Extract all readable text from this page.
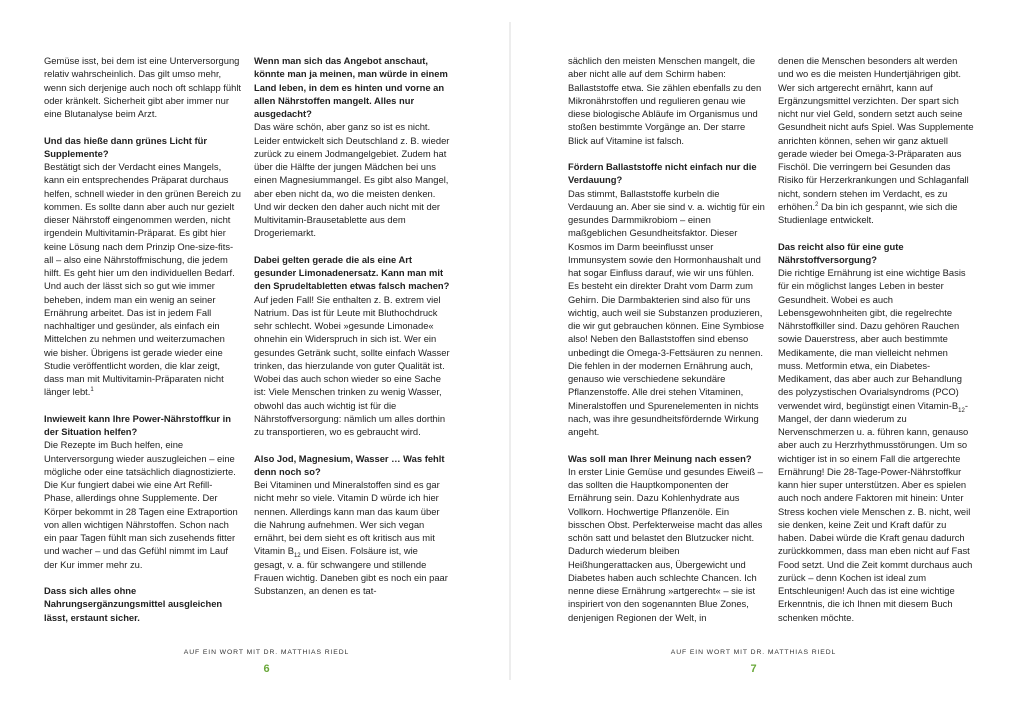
Gemüse isst, bei dem ist eine Unterversorgung relativ wahrscheinlich. Das gilt umso mehr, wenn sich derjenige auch noch oft schlapp fühlt oder kränkelt. Sicherheit gibt aber immer nur eine Blutanalyse beim Arzt.

Und das hieße dann grünes Licht für Supplemente?

Bestätigt sich der Verdacht eines Mangels, kann ein entsprechendes Präparat durchaus helfen, schnell wieder in den grünen Bereich zu kommen. Es sollte dann aber auch nur gezielt dieser Nährstoff eingenommen werden, nicht irgendein Multivitamin-Präparat. Es gibt hier keine Lösung nach dem Prinzip One-size-fits-all – also eine Nährstoffmischung, die jedem hilft. Es geht hier um den individuellen Bedarf.

Und auch der lässt sich so gut wie immer beheben, indem man ein wenig an seiner Ernährung arbeitet. Das ist in jedem Fall nachhaltiger und gesünder, als einfach ein Mittelchen zu nehmen und weiterzumachen wie bisher. Übrigens ist gerade wieder eine Studie veröffentlicht worden, die klar zeigt, dass man mit Multivitamin-Präparaten nicht länger lebt.$^1$

Inwieweit kann Ihre Power-Nährstoffkur in der Situation helfen?

Die Rezepte im Buch helfen, eine Unterversorgung wieder auszugleichen – eine mögliche oder eine tatsächlich diagnostizierte. Die Kur fungiert dabei wie eine Art Refill-Phase, allerdings ohne Supplemente. Der Körper bekommt in 28 Tagen eine Extraportion von allen wichtigen Nährstoffen. Schon nach ein paar Tagen fühlt man sich zusehends fitter und wacher – und das Gefühl nimmt im Lauf der Kur immer mehr zu.

Dass sich alles ohne Nahrungsergänzungsmittel ausgleichen lässt, erstaunt sicher.

Wenn man sich das Angebot anschaut, könnte man ja meinen, man würde in einem Land leben, in dem es hinten und vorne an allen Nährstoffen mangelt. Alles nur ausgedacht?

Das wäre schön, aber ganz so ist es nicht. Leider entwickelt sich Deutschland z. B. wieder zurück zu einem Jodmangelgebiet. Zudem hat über die Hälfte der jungen Mädchen bei uns einen Magnesiummangel. Es gibt also Mangel, aber eben nicht da, wo die meisten denken. Und wir decken den daher auch nicht mit der Multivitamin-Brausetablette aus dem Drogeriemarkt.

Dabei gelten gerade die als eine Art gesunder Limonadenersatz. Kann man mit den Sprudeltabletten etwas falsch machen?

Auf jeden Fall! Sie enthalten z. B. extrem viel Natrium. Das ist für Leute mit Bluthochdruck sehr schlecht. Wobei »gesunde Limonade« ohnehin ein Widerspruch in sich ist. Wer ein gesundes Getränk sucht, sollte einfach Wasser trinken, das hierzulande von guter Qualität ist. Wobei das auch schon wieder so eine Sache ist: Viele Menschen trinken zu wenig Wasser, obwohl das auch wichtig ist für die Nährstoffversorgung: nämlich um alles dorthin zu transportieren, wo es gebraucht wird.

Also Jod, Magnesium, Wasser … Was fehlt denn noch so?

Bei Vitaminen und Mineralstoffen sind es gar nicht mehr so viele. Vitamin D würde ich hier nennen. Allerdings kann man das kaum über die Nahrung aufnehmen. Wer sich vegan ernährt, bei dem sieht es oft kritisch aus mit Vitamin $B_{12}$ und Eisen. Folsäure ist, wie gesagt, v. a. für schwangere und stillende Frauen wichtig. Daneben gibt es noch ein paar Substanzen, an denen es tat-

AUF EIN WORT MIT DR. MATTHIAS RIEDL
6

sächlich den meisten Menschen mangelt, die aber nicht alle auf dem Schirm haben: Ballaststoffe etwa. Sie zählen ebenfalls zu den Mikronährstoffen und regulieren genau wie diese biologische Abläufe im Organismus und stoßen bestimmte Vorgänge an. Der starre Blick auf Vitamine ist falsch.

Fördern Ballaststoffe nicht einfach nur die Verdauung?

Das stimmt, Ballaststoffe kurbeln die Verdauung an. Aber sie sind v. a. wichtig für ein gesundes Darmmikrobiom – einen maßgeblichen Gesundheitsfaktor. Dieser Kosmos im Darm beeinflusst unser Immunsystem sowie den Hormonhaushalt und hat sogar Einfluss darauf, wie wir uns fühlen. Es besteht ein direkter Draht vom Darm zum Gehirn. Die Darmbakterien sind also für uns wichtig, auch weil sie Substanzen produzieren, die wir gut gebrauchen können. Eine Symbiose also! Neben den Ballaststoffen sind ebenso unbedingt die Omega-3-Fettsäuren zu nennen. Die fehlen in der modernen Ernährung auch, genauso wie verschiedene sekundäre Pflanzenstoffe. Alle drei stehen Vitaminen, Mineralstoffen und Spurenelementen in nichts nach, was ihre gesundheitsfördernde Wirkung angeht.

Was soll man Ihrer Meinung nach essen?

In erster Linie Gemüse und gesundes Eiweiß – das sollten die Hauptkomponenten der Ernährung sein. Dazu Kohlenhydrate aus Vollkorn. Hochwertige Pflanzenöle. Ein bisschen Obst. Perfekterweise macht das alles schön satt und belastet den Blutzucker nicht. Dadurch wiederum bleiben Heißhungerattacken aus, Übergewicht und Diabetes haben auch schlechte Chancen. Ich nenne diese Ernährung »artgerecht« – sie ist inspiriert von den sogenannten Blue Zones, denjenigen Regionen der Welt, in

denen die Menschen besonders alt werden und wo es die meisten Hundertjährigen gibt. Wer sich artgerecht ernährt, kann auf Ergänzungsmittel verzichten. Der spart sich nicht nur viel Geld, sondern setzt auch seine Gesundheit nicht aufs Spiel. Was Supplemente anrichten können, sehen wir ganz aktuell gerade wieder bei Omega-3-Präparaten aus Fischöl. Die verringern bei Gesunden das Risiko für Herzerkrankungen und Schlaganfall nicht, sondern stehen im Verdacht, es zu erhöhen.$^2$ Da bin ich gespannt, wie sich die Studienlage entwickelt.

Das reicht also für eine gute Nährstoffversorgung?

Die richtige Ernährung ist eine wichtige Basis für ein möglichst langes Leben in bester Gesundheit. Wobei es auch Lebensgewohnheiten gibt, die regelrechte Nährstoffkiller sind. Dazu gehören Rauchen sowie Dauerstress, aber auch bestimmte Medikamente, die man vielleicht nehmen muss. Metformin etwa, ein Diabetes-Medikament, das aber auch zur Behandlung des polyzystischen Ovarialsyndroms (PCO) verwendet wird, begünstigt einen Vitamin-$B_{12}$-Mangel, der dann wiederum zu Nervenschmerzen u. a. führen kann, genauso aber auch zu Herzrhythmusstörungen. Um so wichtiger ist in so einem Fall die artgerechte Ernährung! Die 28-Tage-Power-Nährstoffkur kann hier super unterstützen. Aber es spielen auch noch andere Faktoren mit hinein: Unter Stress kochen viele Menschen z. B. nicht, weil sie denken, keine Zeit und Kraft dafür zu haben. Dabei würde die Kraft genau dadurch zurückkommen, dass man eben nicht auf Fast Food setzt. Und die Zeit kommt durchaus auch zurück – denn Kochen ist ideal zum Entschleunigen! Auch das ist eine wichtige Erkenntnis, die ich Ihnen mit diesem Buch schenken möchte.

AUF EIN WORT MIT DR. MATTHIAS RIEDL
7
